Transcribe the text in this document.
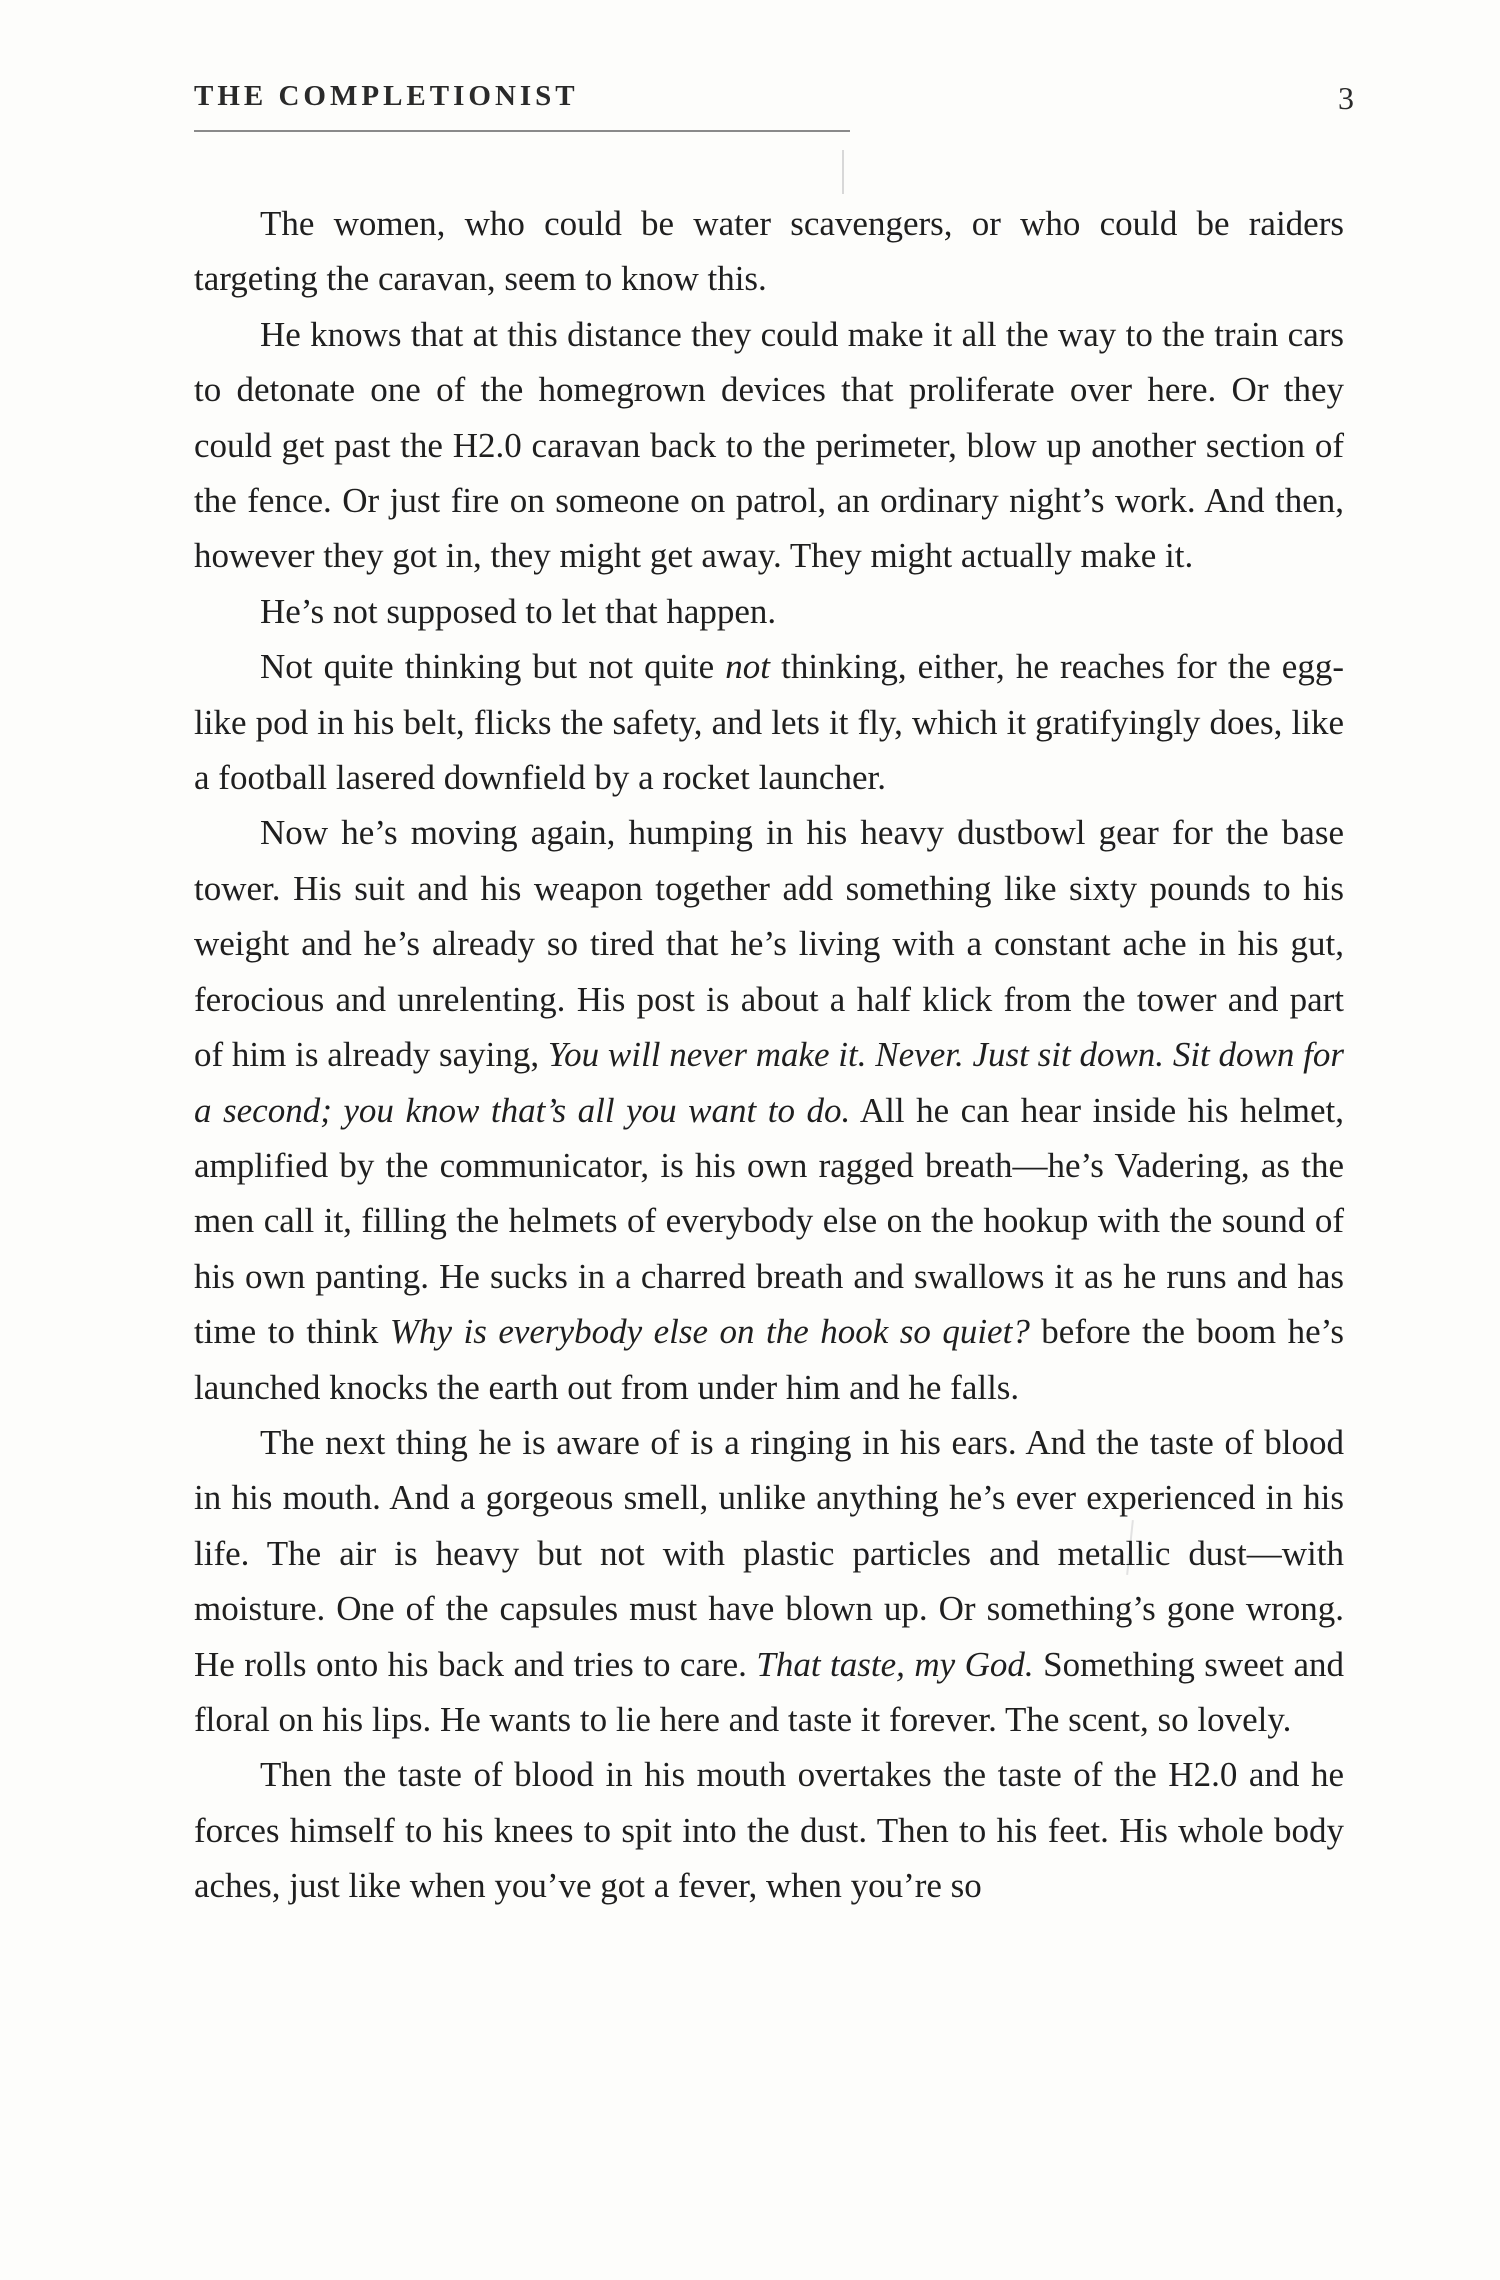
THE COMPLETIONIST	3

The women, who could be water scavengers, or who could be raiders targeting the caravan, seem to know this.

He knows that at this distance they could make it all the way to the train cars to detonate one of the homegrown devices that proliferate over here. Or they could get past the H2.0 caravan back to the perimeter, blow up another section of the fence. Or just fire on someone on patrol, an ordinary night’s work. And then, however they got in, they might get away. They might actually make it.

He’s not supposed to let that happen.

Not quite thinking but not quite not thinking, either, he reaches for the egg-like pod in his belt, flicks the safety, and lets it fly, which it gratifyingly does, like a football lasered downfield by a rocket launcher.

Now he’s moving again, humping in his heavy dustbowl gear for the base tower. His suit and his weapon together add something like sixty pounds to his weight and he’s already so tired that he’s living with a constant ache in his gut, ferocious and unrelenting. His post is about a half klick from the tower and part of him is already saying, You will never make it. Never. Just sit down. Sit down for a second; you know that’s all you want to do. All he can hear inside his helmet, amplified by the communicator, is his own ragged breath—he’s Vadering, as the men call it, filling the helmets of everybody else on the hookup with the sound of his own panting. He sucks in a charred breath and swallows it as he runs and has time to think Why is everybody else on the hook so quiet? before the boom he’s launched knocks the earth out from under him and he falls.

The next thing he is aware of is a ringing in his ears. And the taste of blood in his mouth. And a gorgeous smell, unlike anything he’s ever experienced in his life. The air is heavy but not with plastic particles and metallic dust—with moisture. One of the capsules must have blown up. Or something’s gone wrong. He rolls onto his back and tries to care. That taste, my God. Something sweet and floral on his lips. He wants to lie here and taste it forever. The scent, so lovely.

Then the taste of blood in his mouth overtakes the taste of the H2.0 and he forces himself to his knees to spit into the dust. Then to his feet. His whole body aches, just like when you’ve got a fever, when you’re so
